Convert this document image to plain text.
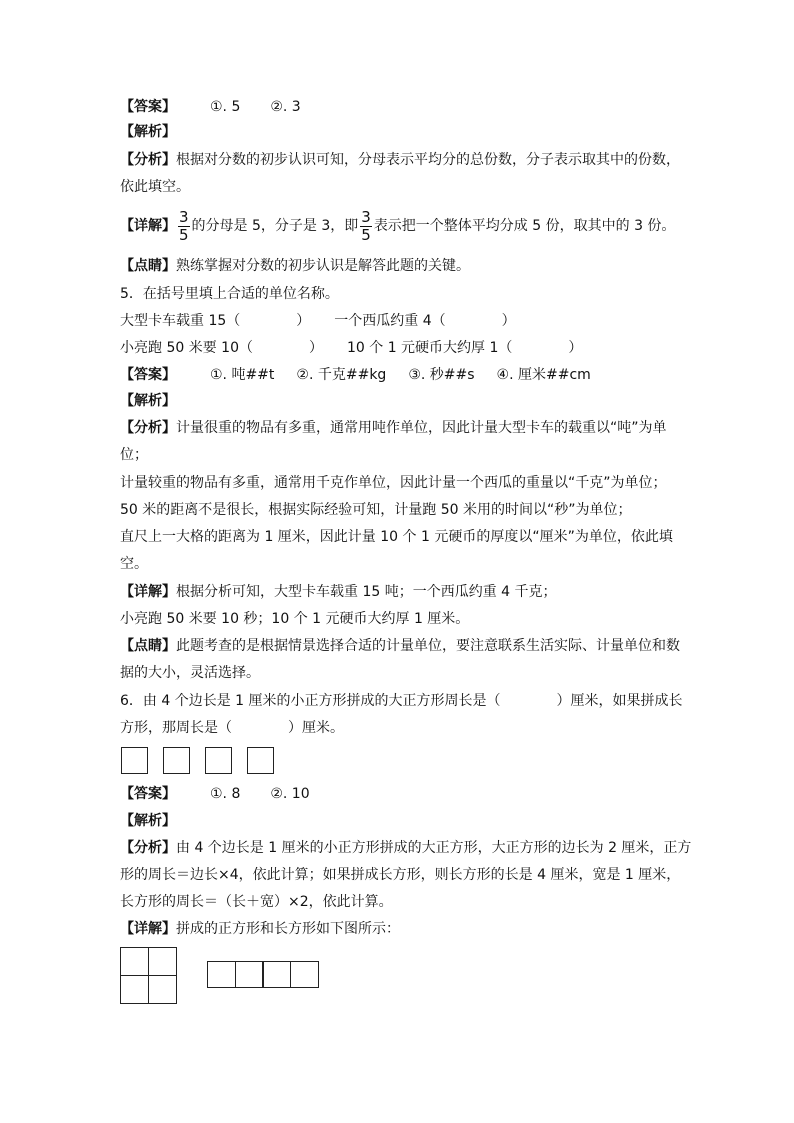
【答案】 ①. 5 ②. 3
【解析】
【分析】根据对分数的初步认识可知，分母表示平均分的总份数，分子表示取其中的份数，
依此填空。
【详解】 $\frac{3}{5}$ 的分母是 5，分子是 3，即 $\frac{3}{5}$ 表示把一个整体平均分成 5 份，取其中的 3 份。
【点睛】熟练掌握对分数的初步认识是解答此题的关键。
5．在括号里填上合适的单位名称。
大型卡车载重 15（　　　　） 一个西瓜约重 4（　　　　）
小亮跑 50 米要 10（　　　　） 10 个 1 元硬币大约厚 1（　　　　）
【答案】 ①. 吨##t ②. 千克##kg ③. 秒##s ④. 厘米##cm
【解析】
【分析】计量很重的物品有多重，通常用吨作单位，因此计量大型卡车的载重以“吨”为单
位；
计量较重的物品有多重，通常用千克作单位，因此计量一个西瓜的重量以“千克”为单位；
50 米的距离不是很长，根据实际经验可知，计量跑 50 米用的时间以“秒”为单位；
直尺上一大格的距离为 1 厘米，因此计量 10 个 1 元硬币的厚度以“厘米”为单位，依此填
空。
【详解】根据分析可知，大型卡车载重 15 吨；一个西瓜约重 4 千克；
小亮跑 50 米要 10 秒；10 个 1 元硬币大约厚 1 厘米。
【点睛】此题考查的是根据情景选择合适的计量单位，要注意联系生活实际、计量单位和数
据的大小，灵活选择。
6．由 4 个边长是 1 厘米的小正方形拼成的大正方形周长是（　　　　）厘米，如果拼成长
方形，那周长是（　　　　）厘米。
【答案】 ①. 8 ②. 10
【解析】
【分析】由 4 个边长是 1 厘米的小正方形拼成的大正方形，大正方形的边长为 2 厘米，正方
形的周长＝边长×4，依此计算；如果拼成长方形，则长方形的长是 4 厘米，宽是 1 厘米，
长方形的周长＝（长＋宽）×2，依此计算。
【详解】拼成的正方形和长方形如下图所示：
